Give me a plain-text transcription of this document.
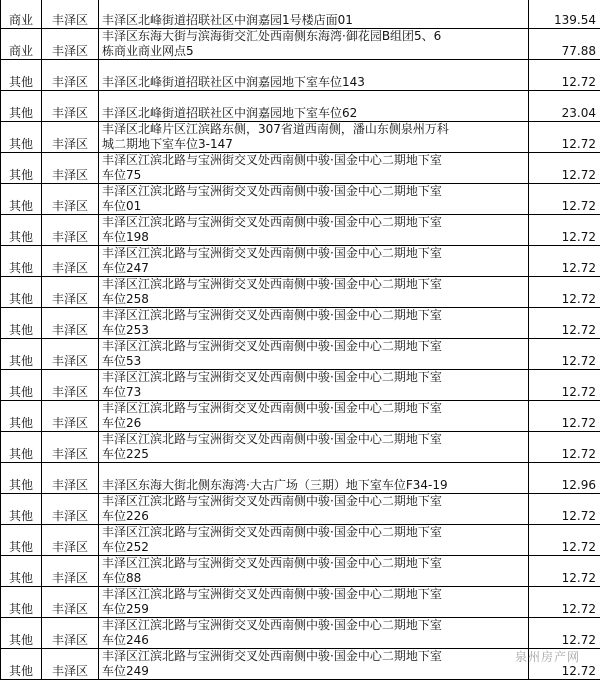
商业	丰泽区	丰泽区北峰街道招联社区中润嘉园1号楼店面01	139.54
商业	丰泽区	丰泽区东海大街与滨海街交汇处西南侧东海湾·御花园B组团5、6
栋商业商业网点5	77.88
其他	丰泽区	丰泽区北峰街道招联社区中润嘉园地下室车位143	12.72
其他	丰泽区	丰泽区北峰街道招联社区中润嘉园地下室车位62	23.04
其他	丰泽区	丰泽区北峰片区江滨路东侧，307省道西南侧，潘山东侧泉州万科
城二期地下室车位3-147	12.72
其他	丰泽区	丰泽区江滨北路与宝洲街交叉处西南侧中骏·国金中心二期地下室
车位75	12.72
其他	丰泽区	丰泽区江滨北路与宝洲街交叉处西南侧中骏·国金中心二期地下室
车位01	12.72
其他	丰泽区	丰泽区江滨北路与宝洲街交叉处西南侧中骏·国金中心二期地下室
车位198	12.72
其他	丰泽区	丰泽区江滨北路与宝洲街交叉处西南侧中骏·国金中心二期地下室
车位247	12.72
其他	丰泽区	丰泽区江滨北路与宝洲街交叉处西南侧中骏·国金中心二期地下室
车位258	12.72
其他	丰泽区	丰泽区江滨北路与宝洲街交叉处西南侧中骏·国金中心二期地下室
车位253	12.72
其他	丰泽区	丰泽区江滨北路与宝洲街交叉处西南侧中骏·国金中心二期地下室
车位53	12.72
其他	丰泽区	丰泽区江滨北路与宝洲街交叉处西南侧中骏·国金中心二期地下室
车位73	12.72
其他	丰泽区	丰泽区江滨北路与宝洲街交叉处西南侧中骏·国金中心二期地下室
车位26	12.72
其他	丰泽区	丰泽区江滨北路与宝洲街交叉处西南侧中骏·国金中心二期地下室
车位225	12.72
其他	丰泽区	丰泽区东海大街北侧东海湾·大古广场（三期）地下室车位F34-19	12.96
其他	丰泽区	丰泽区江滨北路与宝洲街交叉处西南侧中骏·国金中心二期地下室
车位226	12.72
其他	丰泽区	丰泽区江滨北路与宝洲街交叉处西南侧中骏·国金中心二期地下室
车位252	12.72
其他	丰泽区	丰泽区江滨北路与宝洲街交叉处西南侧中骏·国金中心二期地下室
车位88	12.72
其他	丰泽区	丰泽区江滨北路与宝洲街交叉处西南侧中骏·国金中心二期地下室
车位259	12.72
其他	丰泽区	丰泽区江滨北路与宝洲街交叉处西南侧中骏·国金中心二期地下室
车位246	12.72
其他	丰泽区	丰泽区江滨北路与宝洲街交叉处西南侧中骏·国金中心二期地下室
车位249	12.72
泉州房产网
